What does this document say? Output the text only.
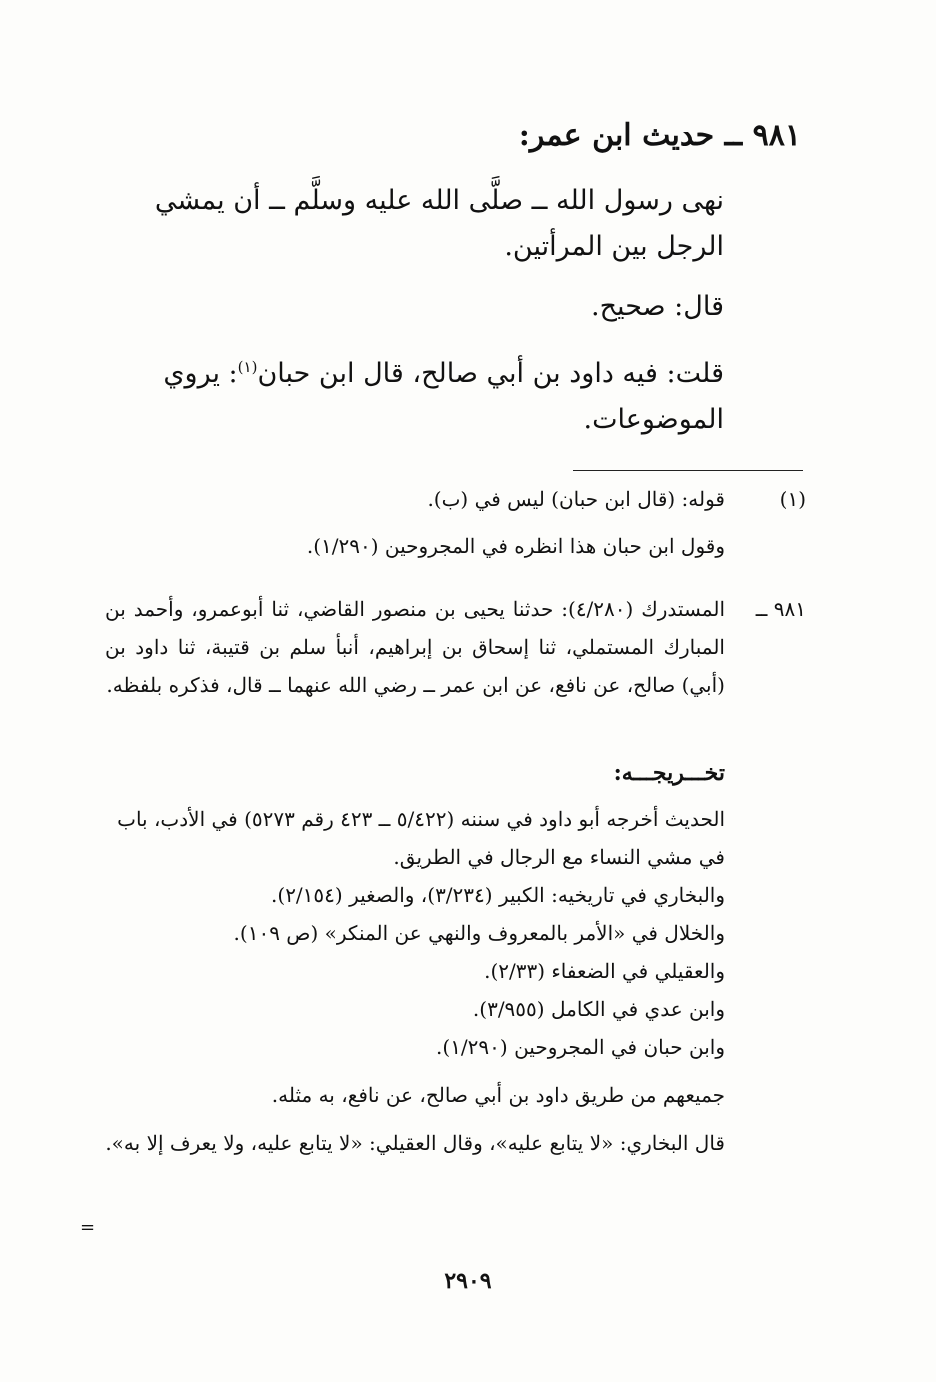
٩٨١ ــ حديث ابن عمر:

نهى رسول الله ــ صلَّى الله عليه وسلَّم ــ أن يمشي الرجل بين المرأتين.

قال: صحيح.

قلت: فيه داود بن أبي صالح، قال ابن حبان$^{(١)}$: يروي الموضوعات.

(١)

قوله: (قال ابن حبان) ليس في (ب).

وقول ابن حبان هذا انظره في المجروحين (١/٢٩٠).

٩٨١ ــ
المستدرك (٤/٢٨٠): حدثنا يحيى بن منصور القاضي، ثنا أبوعمرو، وأحمد بن المبارك المستملي، ثنا إسحاق بن إبراهيم، أنبأ سلم بن قتيبة، ثنا داود بن (أبي) صالح، عن نافع، عن ابن عمر ــ رضي الله عنهما ــ قال، فذكره بلفظه.
تخـــريجـــه:

الحديث أخرجه أبو داود في سننه (٥/٤٢٢ ــ ٤٢٣ رقم ٥٢٧٣) في الأدب، باب في مشي النساء مع الرجال في الطريق.

والبخاري في تاريخيه: الكبير (٣/٢٣٤)، والصغير (٢/١٥٤).

والخلال في «الأمر بالمعروف والنهي عن المنكر» (ص ١٠٩).

والعقيلي في الضعفاء (٢/٣٣).

وابن عدي في الكامل (٣/٩٥٥).

وابن حبان في المجروحين (١/٢٩٠).

جميعهم من طريق داود بن أبي صالح، عن نافع، به مثله.

قال البخاري: «لا يتابع عليه»، وقال العقيلي: «لا يتابع عليه، ولا يعرف إلا به».

=
٢٩٠٩
